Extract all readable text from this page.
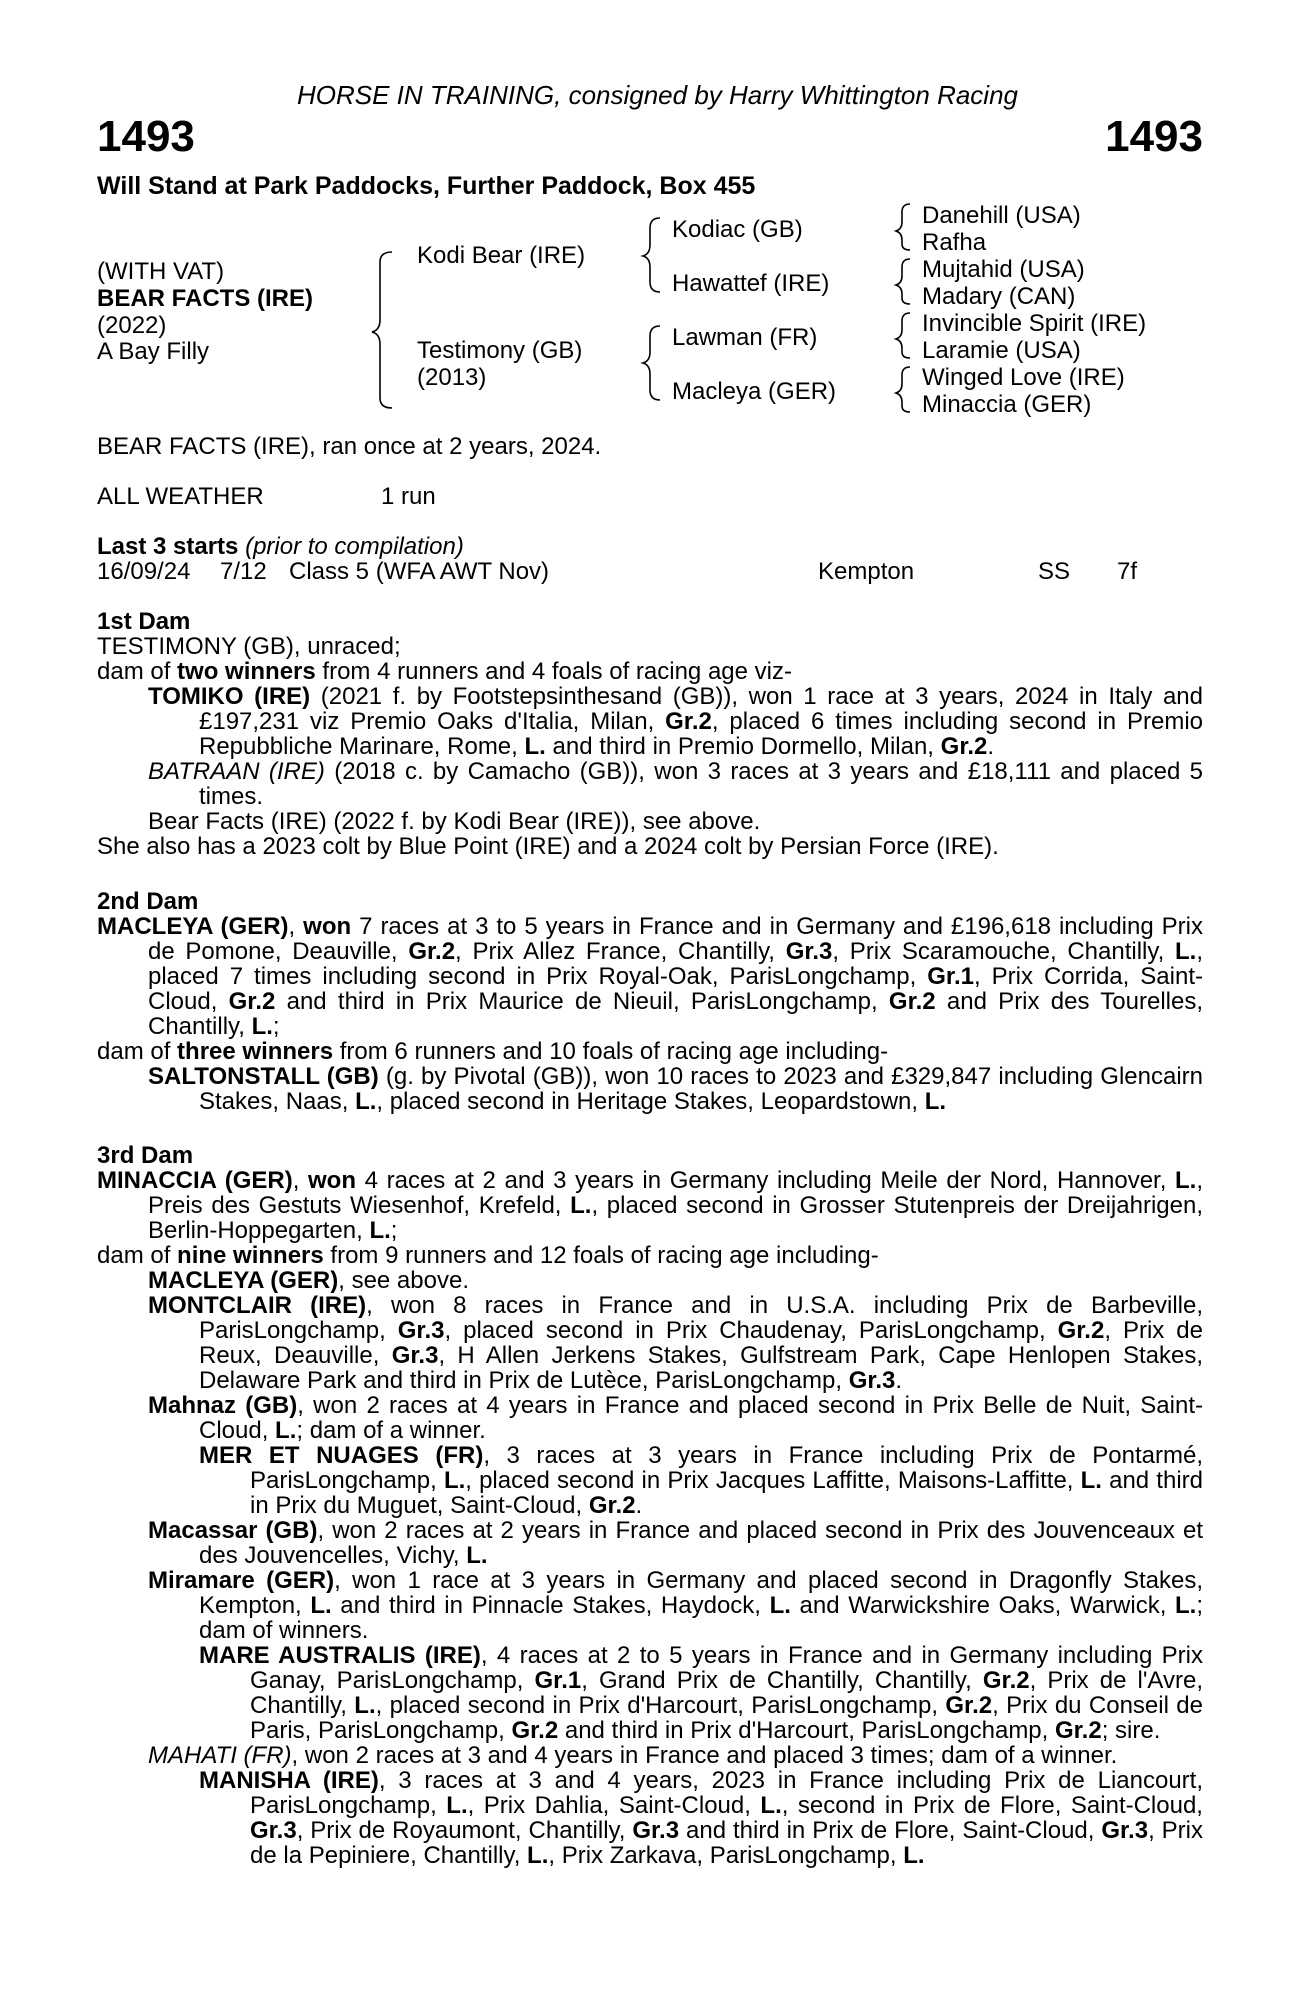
HORSE IN TRAINING, consigned by Harry Whittington Racing
1493	1493
Will Stand at Park Paddocks, Further Paddock, Box 455
(WITH VAT)
BEAR FACTS (IRE)
(2022)
A Bay Filly
Kodi Bear (IRE)
Testimony (GB)
(2013)
Kodiac (GB)
Hawattef (IRE)
Lawman (FR)
Macleya (GER)
Danehill (USA)
Rafha
Mujtahid (USA)
Madary (CAN)
Invincible Spirit (IRE)
Laramie (USA)
Winged Love (IRE)
Minaccia (GER)
BEAR FACTS (IRE), ran once at 2 years, 2024.
ALL WEATHER	1 run
Last 3 starts (prior to compilation)
16/09/24 7/12 Class 5 (WFA AWT Nov)	Kempton	SS 7f
1st Dam
TESTIMONY (GB), unraced;
dam of two winners from 4 runners and 4 foals of racing age viz-
TOMIKO (IRE) (2021 f. by Footstepsinthesand (GB)), won 1 race at 3 years, 2024 in Italy and £197,231 viz Premio Oaks d'Italia, Milan, Gr.2, placed 6 times including second in Premio Repubbliche Marinare, Rome, L. and third in Premio Dormello, Milan, Gr.2.
BATRAAN (IRE) (2018 c. by Camacho (GB)), won 3 races at 3 years and £18,111 and placed 5 times.
Bear Facts (IRE) (2022 f. by Kodi Bear (IRE)), see above.
She also has a 2023 colt by Blue Point (IRE) and a 2024 colt by Persian Force (IRE).
2nd Dam
MACLEYA (GER), won 7 races at 3 to 5 years in France and in Germany and £196,618 including Prix de Pomone, Deauville, Gr.2, Prix Allez France, Chantilly, Gr.3, Prix Scaramouche, Chantilly, L., placed 7 times including second in Prix Royal-Oak, ParisLongchamp, Gr.1, Prix Corrida, Saint-Cloud, Gr.2 and third in Prix Maurice de Nieuil, ParisLongchamp, Gr.2 and Prix des Tourelles, Chantilly, L.;
dam of three winners from 6 runners and 10 foals of racing age including-
SALTONSTALL (GB) (g. by Pivotal (GB)), won 10 races to 2023 and £329,847 including Glencairn Stakes, Naas, L., placed second in Heritage Stakes, Leopardstown, L.
3rd Dam
MINACCIA (GER), won 4 races at 2 and 3 years in Germany including Meile der Nord, Hannover, L., Preis des Gestuts Wiesenhof, Krefeld, L., placed second in Grosser Stutenpreis der Dreijahrigen, Berlin-Hoppegarten, L.;
dam of nine winners from 9 runners and 12 foals of racing age including-
MACLEYA (GER), see above.
MONTCLAIR (IRE), won 8 races in France and in U.S.A. including Prix de Barbeville, ParisLongchamp, Gr.3, placed second in Prix Chaudenay, ParisLongchamp, Gr.2, Prix de Reux, Deauville, Gr.3, H Allen Jerkens Stakes, Gulfstream Park, Cape Henlopen Stakes, Delaware Park and third in Prix de Lutèce, ParisLongchamp, Gr.3.
Mahnaz (GB), won 2 races at 4 years in France and placed second in Prix Belle de Nuit, Saint-Cloud, L.; dam of a winner.
MER ET NUAGES (FR), 3 races at 3 years in France including Prix de Pontarmé, ParisLongchamp, L., placed second in Prix Jacques Laffitte, Maisons-Laffitte, L. and third in Prix du Muguet, Saint-Cloud, Gr.2.
Macassar (GB), won 2 races at 2 years in France and placed second in Prix des Jouvenceaux et des Jouvencelles, Vichy, L.
Miramare (GER), won 1 race at 3 years in Germany and placed second in Dragonfly Stakes, Kempton, L. and third in Pinnacle Stakes, Haydock, L. and Warwickshire Oaks, Warwick, L.; dam of winners.
MARE AUSTRALIS (IRE), 4 races at 2 to 5 years in France and in Germany including Prix Ganay, ParisLongchamp, Gr.1, Grand Prix de Chantilly, Chantilly, Gr.2, Prix de l'Avre, Chantilly, L., placed second in Prix d'Harcourt, ParisLongchamp, Gr.2, Prix du Conseil de Paris, ParisLongchamp, Gr.2 and third in Prix d'Harcourt, ParisLongchamp, Gr.2; sire.
MAHATI (FR), won 2 races at 3 and 4 years in France and placed 3 times; dam of a winner.
MANISHA (IRE), 3 races at 3 and 4 years, 2023 in France including Prix de Liancourt, ParisLongchamp, L., Prix Dahlia, Saint-Cloud, L., second in Prix de Flore, Saint-Cloud, Gr.3, Prix de Royaumont, Chantilly, Gr.3 and third in Prix de Flore, Saint-Cloud, Gr.3, Prix de la Pepiniere, Chantilly, L., Prix Zarkava, ParisLongchamp, L.
